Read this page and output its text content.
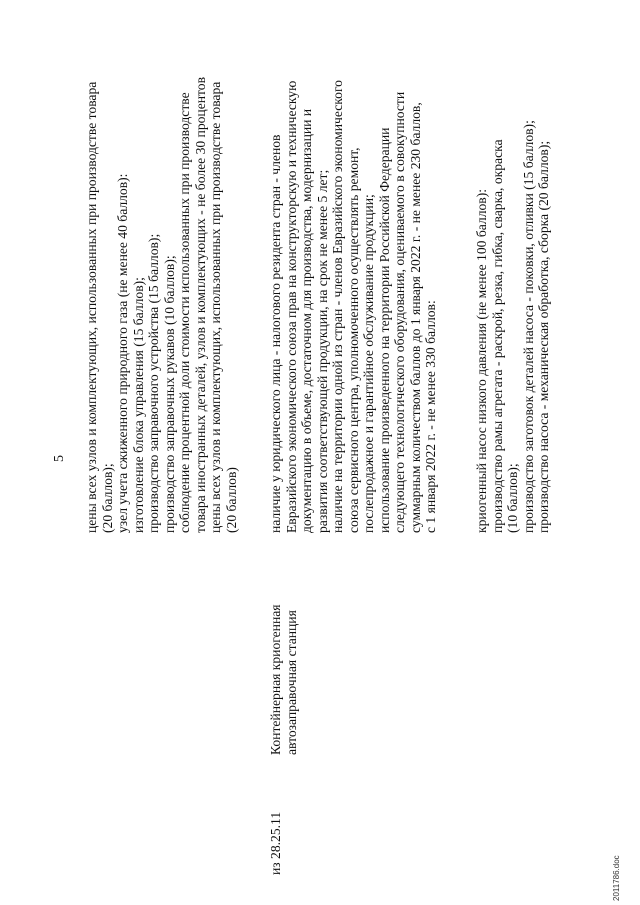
5 цены всех узлов и комплектующих, использованных при производстве товара (20 баллов); узел учета сжиженного природного газа (не менее 40 баллов): изготовление блока управления (15 баллов); производство заправочного устройства (15 баллов); производство заправочных рукавов (10 баллов); соблюдение процентной доли стоимости использованных при производстве товара иностранных деталей, узлов и комплектующих - не более 30 процентов цены всех узлов и комплектующих, использованных при производстве товара (20 баллов)
из 28.25.11
Контейнерная криогенная автозаправочная станция
наличие у юридического лица - налогового резидента стран - членов Евразийского экономического союза прав на конструкторскую и техническую документацию в объеме, достаточном для производства, модернизации и развития соответствующей продукции, на срок не менее 5 лет; наличие на территории одной из стран - членов Евразийского экономического союза сервисного центра, уполномоченного осуществлять ремонт, послепродажное и гарантийное обслуживание продукции; использование произведенного на территории Российской Федерации следующего технологического оборудования, оцениваемого в совокупности суммарным количеством баллов до 1 января 2022 г. - не менее 230 баллов, с 1 января 2022 г. - не менее 330 баллов:	криогенный насос низкого давления (не менее 100 баллов): производство рамы агрегата - раскрой, резка, гибка, сварка, окраска (10 баллов); производство заготовок деталей насоса - поковки, отливки (15 баллов); производство насоса - механическая обработка, сборка (20 баллов);
2011786.doc
